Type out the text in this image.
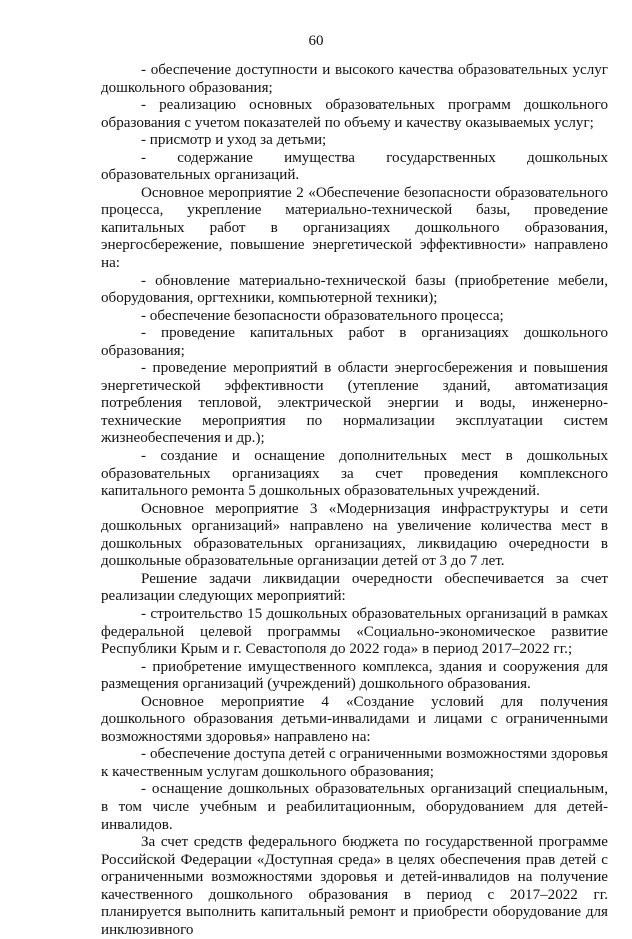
60

- обеспечение доступности и высокого качества образовательных услуг дошкольного образования;

- реализацию основных образовательных программ дошкольного образования с учетом показателей по объему и качеству оказываемых услуг;

- присмотр и уход за детьми;

- содержание имущества государственных дошкольных образовательных организаций.

Основное мероприятие 2 «Обеспечение безопасности образовательного процесса, укрепление материально-технической базы, проведение капитальных работ в организациях дошкольного образования, энергосбережение, повышение энергетической эффективности» направлено на:

- обновление материально-технической базы (приобретение мебели, оборудования, оргтехники, компьютерной техники);

- обеспечение безопасности образовательного процесса;

- проведение капитальных работ в организациях дошкольного образования;

- проведение мероприятий в области энергосбережения и повышения энергетической эффективности (утепление зданий, автоматизация потребления тепловой, электрической энергии и воды, инженерно-технические мероприятия по нормализации эксплуатации систем жизнеобеспечения и др.);

- создание и оснащение дополнительных мест в дошкольных образовательных организациях за счет проведения комплексного капитального ремонта 5 дошкольных образовательных учреждений.

Основное мероприятие 3 «Модернизация инфраструктуры и сети дошкольных организаций» направлено на увеличение количества мест в дошкольных образовательных организациях, ликвидацию очередности в дошкольные образовательные организации детей от 3 до 7 лет.

Решение задачи ликвидации очередности обеспечивается за счет реализации следующих мероприятий:

- строительство 15 дошкольных образовательных организаций в рамках федеральной целевой программы «Социально-экономическое развитие Республики Крым и г. Севастополя до 2022 года» в период 2017–2022 гг.;

- приобретение имущественного комплекса, здания и сооружения для размещения организаций (учреждений) дошкольного образования.

Основное мероприятие 4 «Создание условий для получения дошкольного образования детьми-инвалидами и лицами с ограниченными возможностями здоровья» направлено на:

- обеспечение доступа детей с ограниченными возможностями здоровья к качественным услугам дошкольного образования;

- оснащение дошкольных образовательных организаций специальным, в том числе учебным и реабилитационным, оборудованием для детей-инвалидов.

За счет средств федерального бюджета по государственной программе Российской Федерации «Доступная среда» в целях обеспечения прав детей с ограниченными возможностями здоровья и детей-инвалидов на получение качественного дошкольного образования в период с 2017–2022 гг. планируется выполнить капитальный ремонт и приобрести оборудование для инклюзивного
